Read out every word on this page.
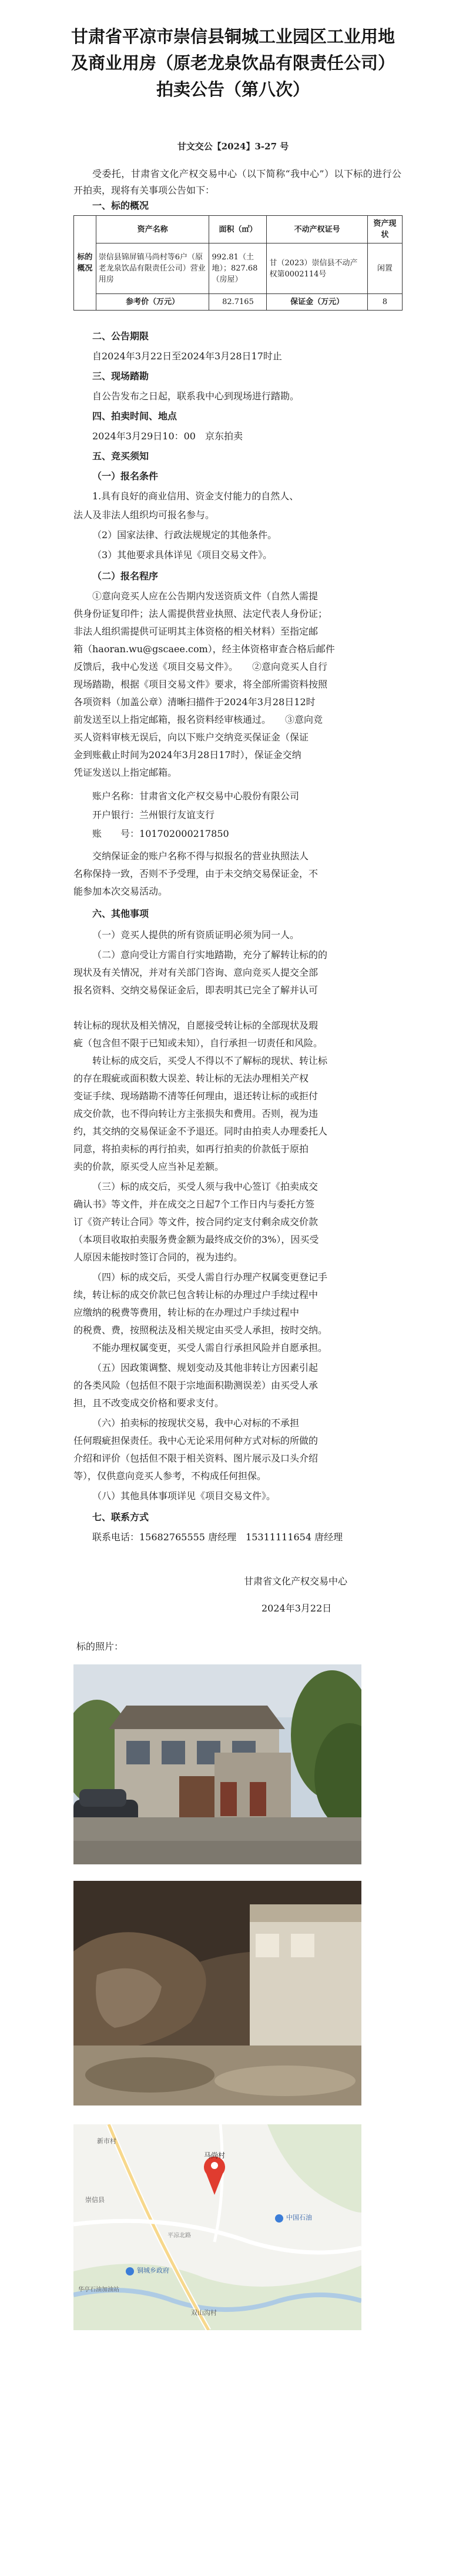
甘肃省平凉市崇信县铜城工业园区工业用地及商业用房（原老龙泉饮品有限责任公司）拍卖公告（第八次）
甘文交公【2024】3-27 号
受委托，甘肃省文化产权交易中心（以下简称“我中心”）以下标的进行公开拍卖，现将有关事项公告如下：
一、标的概况
标的概况	资产名称	面积（㎡）	不动产权证号	资产现状
	崇信县锦屏镇马尚村等6户（原老龙泉饮品有限责任公司）营业用房	992.81（土地）；827.68（房屋）	甘（2023）崇信县不动产权第0002114号	闲置
	参考价（万元）	82.7165	保证金（万元）	8
二、公告期限
自2024年3月22日至2024年3月28日17时止
三、现场踏勘
自公告发布之日起，联系我中心到现场进行踏勘。
四、拍卖时间、地点
2024年3月29日10：00　京东拍卖
五、竞买须知
（一）报名条件
1.具有良好的商业信用、资金支付能力的自然人、
法人及非法人组织均可报名参与。
（2）国家法律、行政法规规定的其他条件。
（3）其他要求具体详见《项目交易文件》。
（二）报名程序
①意向竞买人应在公告期内发送资质文件（自然人需提
供身份证复印件；法人需提供营业执照、法定代表人身份证；
非法人组织需提供可证明其主体资格的相关材料）至指定邮
箱（haoran.wu@gscaee.com），经主体资格审查合格后邮件
反馈后，我中心发送《项目交易文件》。　　②意向竞买人自行
现场踏勘，根据《项目交易文件》要求，将全部所需资料按照
各项资料（加盖公章）清晰扫描件于2024年3月28日12时
前发送至以上指定邮箱，报名资料经审核通过。　　③意向竞
买人资料审核无误后，向以下账户交纳竞买保证金（保证
金到账截止时间为2024年3月28日17时），保证金交纳
凭证发送以上指定邮箱。
账户名称：甘肃省文化产权交易中心股份有限公司
开户银行：兰州银行友谊支行
账　　号：101702000217850
交纳保证金的账户名称不得与拟报名的营业执照法人
名称保持一致，否则不予受理，由于未交纳交易保证金，不
能参加本次交易活动。
六、其他事项
（一）竞买人提供的所有资质证明必须为同一人。
（二）意向受让方需自行实地踏勘，充分了解转让标的的
现状及有关情况，并对有关部门咨询、意向竞买人提交全部
报名资料、交纳交易保证金后，即表明其已完全了解并认可
转让标的现状及相关情况，自愿接受转让标的全部现状及瑕
疵（包含但不限于已知或未知），自行承担一切责任和风险。
转让标的成交后，买受人不得以不了解标的现状、转让标
的存在瑕疵或面积数大误差、转让标的无法办理相关产权
变证手续、现场踏勘不清等任何理由，退还转让标的或拒付
成交价款，也不得向转让方主张损失和费用。否则，视为违
约，其交纳的交易保证金不予退还。同时由拍卖人办理委托人
同意，将拍卖标的再行拍卖，如再行拍卖的价款低于原拍
卖的价款，原买受人应当补足差额。
（三）标的成交后，买受人须与我中心签订《拍卖成交
确认书》等文件，并在成交之日起7个工作日内与委托方签
订《资产转让合同》等文件，按合同约定支付剩余成交价款
（本项目收取拍卖服务费金额为最终成交价的3%），因买受
人原因未能按时签订合同的，视为违约。
（四）标的成交后，买受人需自行办理产权属变更登记手
续，转让标的成交价款已包含转让标的办理过户手续过程中
应缴纳的税费等费用，转让标的在办理过户手续过程中
的税费、费，按照税法及相关规定由买受人承担，按时交纳。
不能办理权属变更，买受人需自行承担风险并自愿承担。
（五）因政策调整、规划变动及其他非转让方因素引起
的各类风险（包括但不限于宗地面积勘测误差）由买受人承
担，且不改变成交价格和要求支付。
（六）拍卖标的按现状交易，我中心对标的不承担
任何瑕疵担保责任。我中心无论采用何种方式对标的所做的
介绍和评价（包括但不限于相关资料、图片展示及口头介绍
等），仅供意向竞买人参考，不构成任何担保。
（八）其他具体事项详见《项目交易文件》。
七、联系方式
联系电话：15682765555 唐经理　15311111654 唐经理
甘肃省文化产权交易中心
2024年3月22日
标的照片：
马尚村
铜城乡政府
中国石油
新市村
平凉北路
崇信县
双山沟村
华亭石油加油站
